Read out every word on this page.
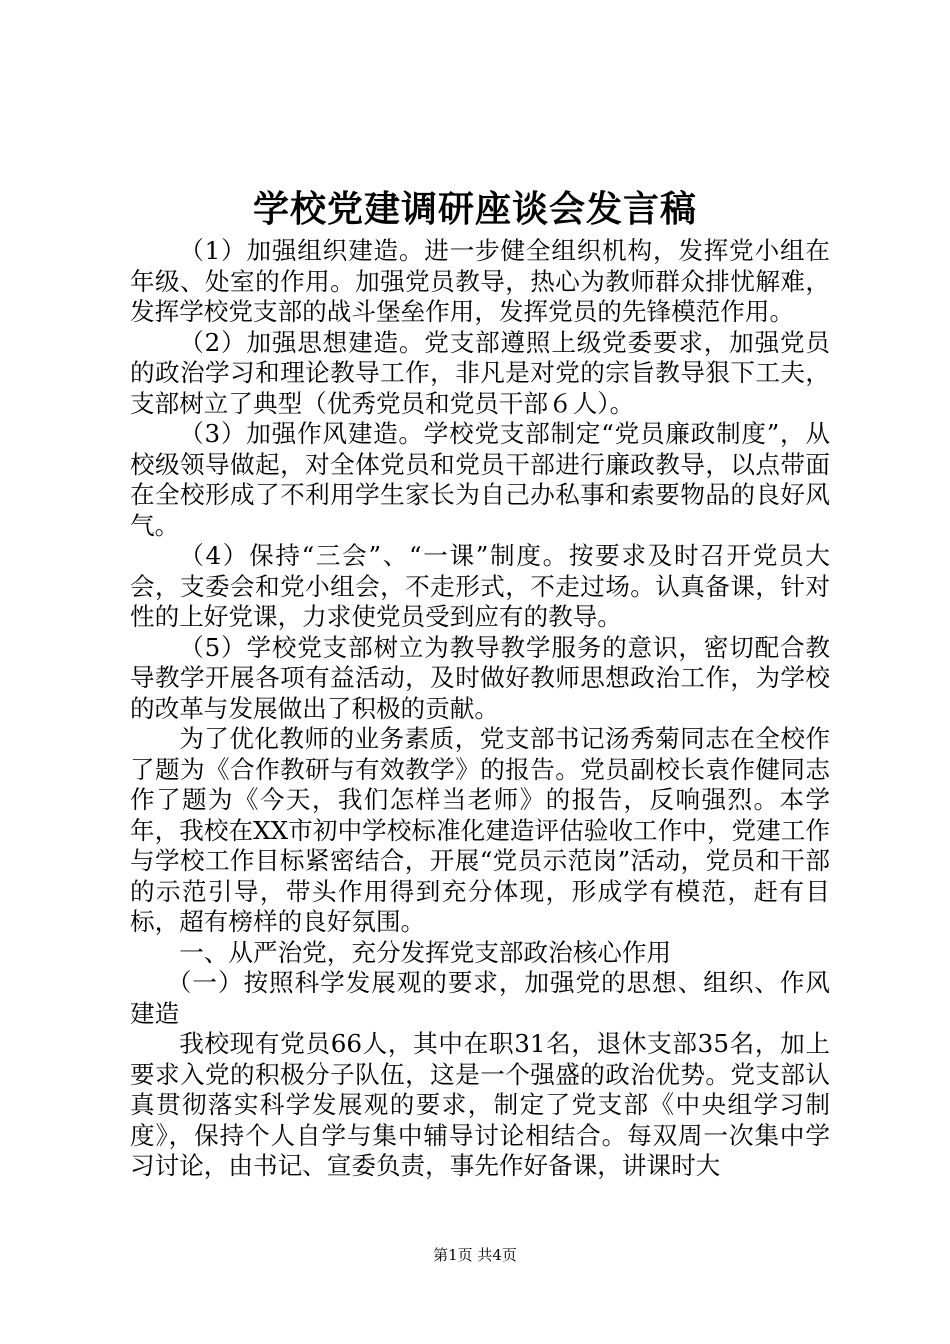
学校党建调研座谈会发言稿

（1）加强组织建造。进一步健全组织机构，发挥党小组在年级、处室的作用。加强党员教导，热心为教师群众排忧解难，发挥学校党支部的战斗堡垒作用，发挥党员的先锋模范作用。

（2）加强思想建造。党支部遵照上级党委要求，加强党员的政治学习和理论教导工作，非凡是对党的宗旨教导狠下工夫，支部树立了典型（优秀党员和党员干部６人）。

（3）加强作风建造。学校党支部制定“党员廉政制度”，从校级领导做起，对全体党员和党员干部进行廉政教导，以点带面在全校形成了不利用学生家长为自己办私事和索要物品的良好风气。

（4）保持“三会”、“一课”制度。按要求及时召开党员大会，支委会和党小组会，不走形式，不走过场。认真备课，针对性的上好党课，力求使党员受到应有的教导。

（5）学校党支部树立为教导教学服务的意识，密切配合教导教学开展各项有益活动，及时做好教师思想政治工作，为学校的改革与发展做出了积极的贡献。

为了优化教师的业务素质，党支部书记汤秀菊同志在全校作了题为《合作教研与有效教学》的报告。党员副校长袁作健同志作了题为《今天，我们怎样当老师》的报告，反响强烈。本学年，我校在XX市初中学校标准化建造评估验收工作中，党建工作与学校工作目标紧密结合，开展“党员示范岗”活动，党员和干部的示范引导，带头作用得到充分体现，形成学有模范，赶有目标，超有榜样的良好氛围。

一、从严治党，充分发挥党支部政治核心作用

（一）按照科学发展观的要求，加强党的思想、组织、作风建造

我校现有党员66人，其中在职31名，退休支部35名，加上要求入党的积极分子队伍，这是一个强盛的政治优势。党支部认真贯彻落实科学发展观的要求，制定了党支部《中央组学习制度》，保持个人自学与集中辅导讨论相结合。每双周一次集中学习讨论，由书记、宣委负责，事先作好备课，讲课时大

第1页 共4页
